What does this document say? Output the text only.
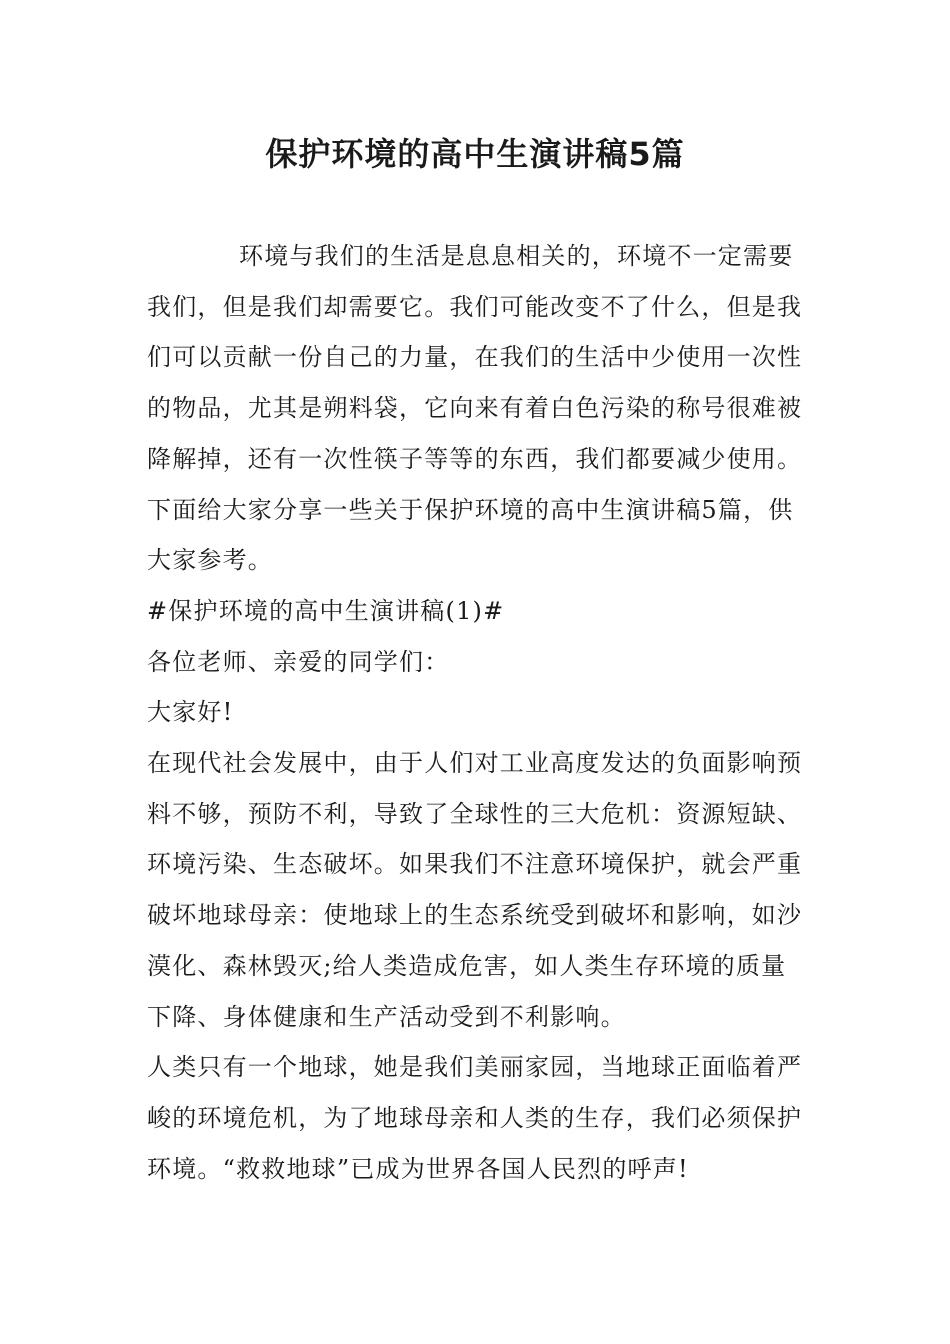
保护环境的高中生演讲稿5篇

环境与我们的生活是息息相关的，环境不一定需要我们，但是我们却需要它。我们可能改变不了什么，但是我们可以贡献一份自己的力量，在我们的生活中少使用一次性的物品，尤其是朔料袋，它向来有着白色污染的称号很难被降解掉，还有一次性筷子等等的东西，我们都要减少使用。下面给大家分享一些关于保护环境的高中生演讲稿5篇，供大家参考。

#保护环境的高中生演讲稿(1)#

各位老师、亲爱的同学们：

大家好!

在现代社会发展中，由于人们对工业高度发达的负面影响预料不够，预防不利，导致了全球性的三大危机：资源短缺、环境污染、生态破坏。如果我们不注意环境保护，就会严重破坏地球母亲：使地球上的生态系统受到破坏和影响，如沙漠化、森林毁灭;给人类造成危害，如人类生存环境的质量下降、身体健康和生产活动受到不利影响。

人类只有一个地球，她是我们美丽家园，当地球正面临着严峻的环境危机，为了地球母亲和人类的生存，我们必须保护环境。“救救地球”已成为世界各国人民烈的呼声!
